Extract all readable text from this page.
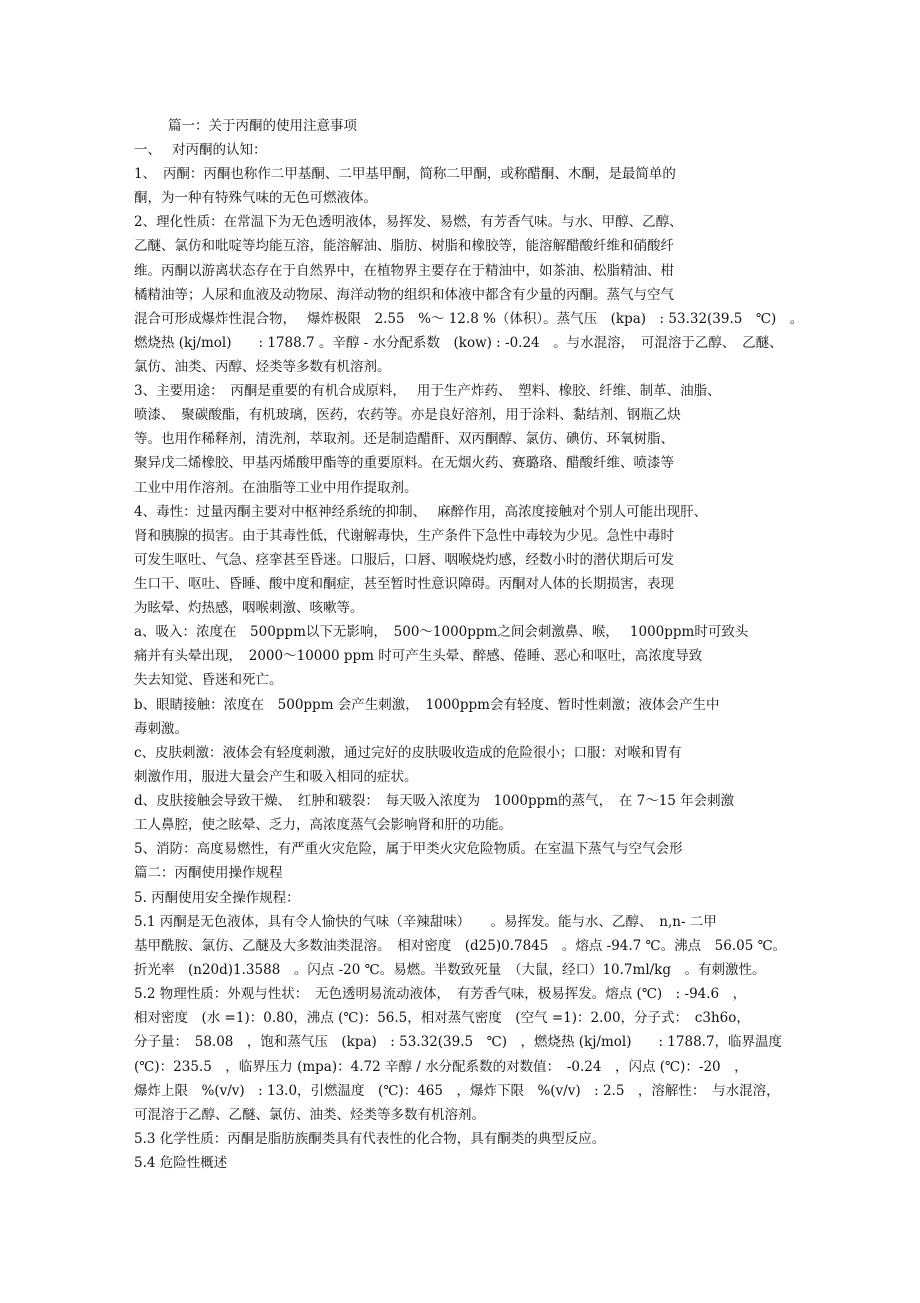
篇一：关于丙酮的使用注意事项
一、　 对丙酮的认知：
1、　丙酮：丙酮也称作二甲基酮、二甲基甲酮，简称二甲酮，或称醋酮、木酮，是最简单的
酮，为一种有特殊气味的无色可燃液体。
2、理化性质：在常温下为无色透明液体，易挥发、易燃，有芳香气味。与水、甲醇、乙醇、
乙醚、氯仿和吡啶等均能互溶，能溶解油、脂肪、树脂和橡胶等，能溶解醋酸纤维和硝酸纤
维。丙酮以游离状态存在于自然界中，在植物界主要存在于精油中，如茶油、松脂精油、柑
橘精油等；人尿和血液及动物尿、海洋动物的组织和体液中都含有少量的丙酮。蒸气与空气
混合可形成爆炸性混合物，　 爆炸极限　2.55　%～ 12.8 %（体积）。蒸气压　(kpa)　: 53.32(39.5　℃)　。
燃烧热 (kj/mol)　　: 1788.7 。辛醇 - 水分配系数　(kow) : -0.24　。与水混溶，　可混溶于乙醇、　乙醚、
氯仿、油类、丙醇、烃类等多数有机溶剂。
3、主要用途：　丙酮是重要的有机合成原料，　 用于生产炸药、　塑料、橡胶、纤维、制革、油脂、
喷漆、　聚碳酸酯，有机玻璃，医药，农药等。亦是良好溶剂，用于涂料、黏结剂、钢瓶乙炔
等。也用作稀释剂，清洗剂，萃取剂。还是制造醋酐、双丙酮醇、氯仿、碘仿、环氧树脂、
聚异戊二烯橡胶、甲基丙烯酸甲酯等的重要原料。在无烟火药、赛璐珞、醋酸纤维、喷漆等
工业中用作溶剂。在油脂等工业中用作提取剂。
4、毒性：过量丙酮主要对中枢神经系统的抑制、　 麻醉作用，高浓度接触对个别人可能出现肝、
肾和胰腺的损害。由于其毒性低，代谢解毒快，生产条件下急性中毒较为少见。急性中毒时
可发生呕吐、气急、痉挛甚至昏迷。口服后，口唇、咽喉烧灼感，经数小时的潜伏期后可发
生口干、呕吐、昏睡、酸中度和酮症，甚至暂时性意识障碍。丙酮对人体的长期损害，表现
为眩晕、灼热感，咽喉刺激、咳嗽等。
a、吸入：浓度在　500ppm以下无影响，　500～1000ppm之间会刺激鼻、喉，　 1000ppm时可致头
痛并有头晕出现，　2000～10000 ppm 时可产生头晕、醉感、倦睡、恶心和呕吐，高浓度导致
失去知觉、昏迷和死亡。
b、眼睛接触：浓度在　500ppm 会产生刺激，　1000ppm会有轻度、暂时性刺激；液体会产生中
毒刺激。
c、皮肤刺激：液体会有轻度刺激，通过完好的皮肤吸收造成的危险很小；口服：对喉和胃有
刺激作用，服进大量会产生和吸入相同的症状。
d、皮肤接触会导致干燥、　红肿和皲裂：　每天吸入浓度为　1000ppm的蒸气，　在 7～15 年会刺激
工人鼻腔，使之眩晕、乏力，高浓度蒸气会影响肾和肝的功能。
5、消防：高度易燃性，有严重火灾危险，属于甲类火灾危险物质。在室温下蒸气与空气会形
篇二：丙酮使用操作规程
5. 丙酮使用安全操作规程：
5.1 丙酮是无色液体，具有令人愉快的气味（辛辣甜味）　　。易挥发。能与水、乙醇、　n,n- 二甲
基甲酰胺、氯仿、乙醚及大多数油类混溶。　相对密度　(d25)0.7845　。熔点 -94.7 ℃。沸点　56.05 ℃。
折光率　(n20d)1.3588　。闪点 -20 ℃。易燃。半数致死量　（大鼠，经口）10.7ml/kg　。有刺激性。
5.2 物理性质：外观与性状：　无色透明易流动液体，　有芳香气味，极易挥发。熔点 (℃)　: -94.6　，
相对密度　(水 =1)：0.80，沸点 (℃)：56.5，相对蒸气密度　(空气 =1)：2.00，分子式：　c3h6o，
分子量：　58.08　，饱和蒸气压　(kpa)　: 53.32(39.5　℃)　，燃烧热 (kj/mol)　　: 1788.7，临界温度
(℃)：235.5　，临界压力 (mpa)：4.72 辛醇 / 水分配系数的对数值：　-0.24　，闪点 (℃)：-20　，
爆炸上限　%(v/v)　: 13.0，引燃温度　(℃)：465　，爆炸下限　%(v/v)　: 2.5　，溶解性：　与水混溶，
可混溶于乙醇、乙醚、氯仿、油类、烃类等多数有机溶剂。
5.3 化学性质：丙酮是脂肪族酮类具有代表性的化合物，具有酮类的典型反应。
5.4 危险性概述
